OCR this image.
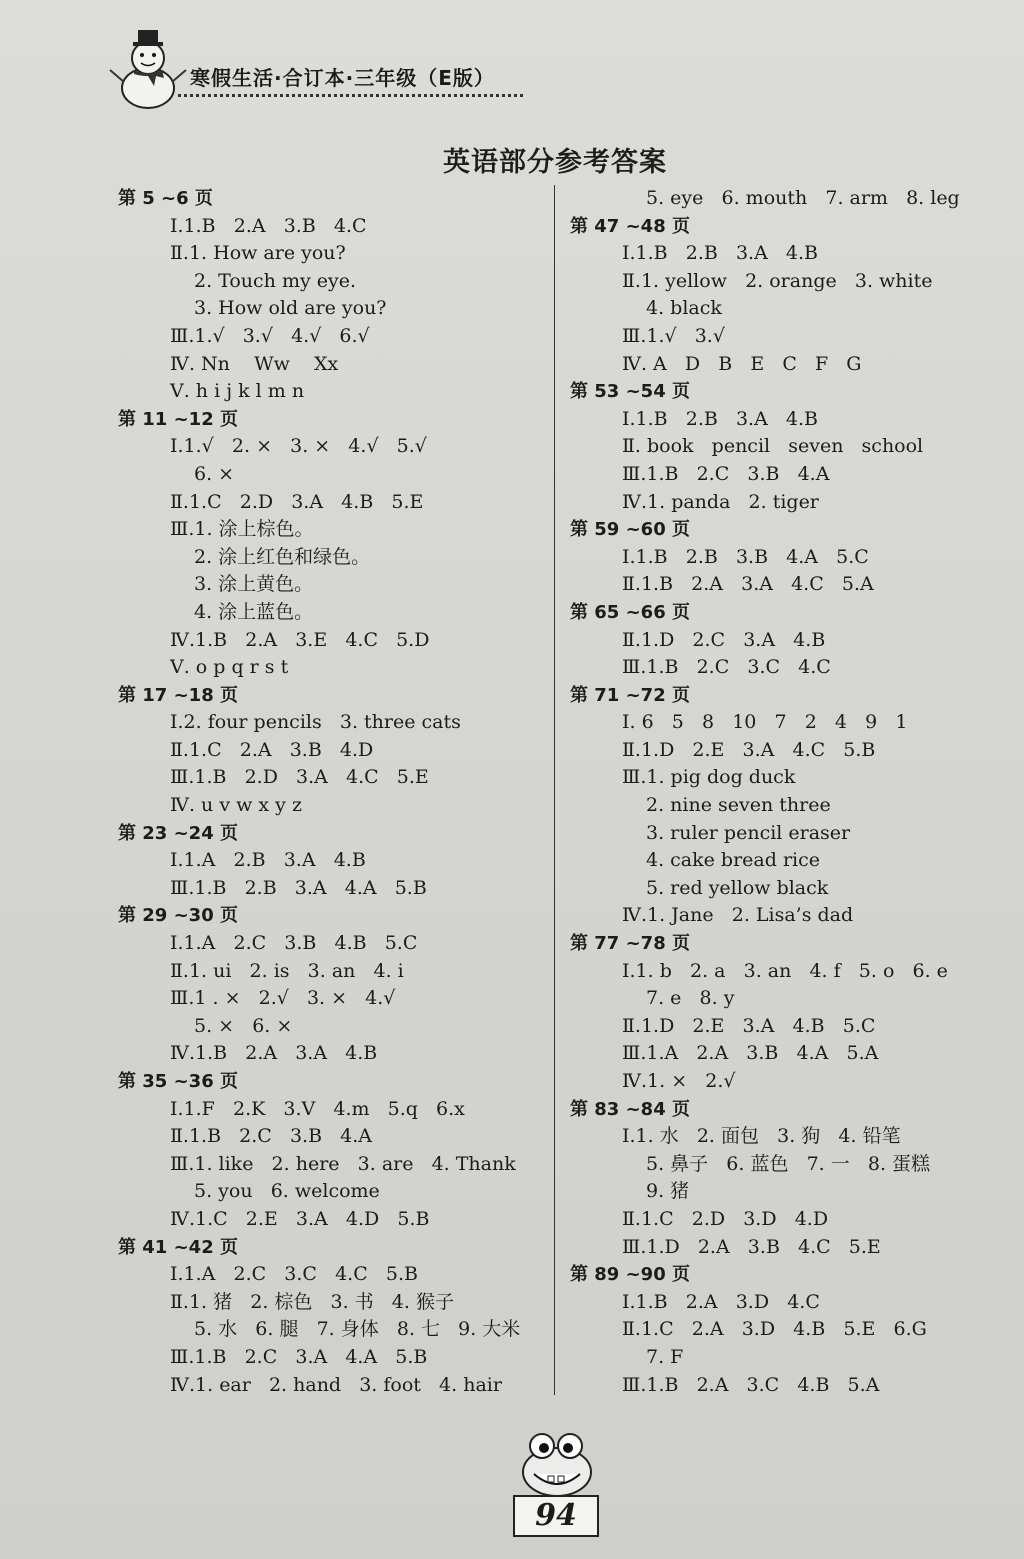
寒假生活·合订本·三年级（E版）
英语部分参考答案
第 5 ~6 页
Ⅰ.1.B   2.A   3.B   4.C
Ⅱ.1. How are you?
2. Touch my eye.
3. How old are you?
Ⅲ.1.√   3.√   4.√   6.√
Ⅳ. Nn    Ww    Xx
Ⅴ. h i j k l m n
第 11 ~12 页
Ⅰ.1.√   2. ×   3. ×   4.√   5.√
6. ×
Ⅱ.1.C   2.D   3.A   4.B   5.E
Ⅲ.1. 涂上棕色。
2. 涂上红色和绿色。
3. 涂上黄色。
4. 涂上蓝色。
Ⅳ.1.B   2.A   3.E   4.C   5.D
Ⅴ. o p q r s t
第 17 ~18 页
Ⅰ.2. four pencils   3. three cats
Ⅱ.1.C   2.A   3.B   4.D
Ⅲ.1.B   2.D   3.A   4.C   5.E
Ⅳ. u v w x y z
第 23 ~24 页
Ⅰ.1.A   2.B   3.A   4.B
Ⅲ.1.B   2.B   3.A   4.A   5.B
第 29 ~30 页
Ⅰ.1.A   2.C   3.B   4.B   5.C
Ⅱ.1. ui   2. is   3. an   4. i
Ⅲ.1 . ×   2.√   3. ×   4.√
5. ×   6. ×
Ⅳ.1.B   2.A   3.A   4.B
第 35 ~36 页
Ⅰ.1.F   2.K   3.V   4.m   5.q   6.x
Ⅱ.1.B   2.C   3.B   4.A
Ⅲ.1. like   2. here   3. are   4. Thank
5. you   6. welcome
Ⅳ.1.C   2.E   3.A   4.D   5.B
第 41 ~42 页
Ⅰ.1.A   2.C   3.C   4.C   5.B
Ⅱ.1. 猪   2. 棕色   3. 书   4. 猴子
5. 水   6. 腿   7. 身体   8. 七   9. 大米
Ⅲ.1.B   2.C   3.A   4.A   5.B
Ⅳ.1. ear   2. hand   3. foot   4. hair
5. eye   6. mouth   7. arm   8. leg
第 47 ~48 页
Ⅰ.1.B   2.B   3.A   4.B
Ⅱ.1. yellow   2. orange   3. white
4. black
Ⅲ.1.√   3.√
Ⅳ. A   D   B   E   C   F   G
第 53 ~54 页
Ⅰ.1.B   2.B   3.A   4.B
Ⅱ. book   pencil   seven   school
Ⅲ.1.B   2.C   3.B   4.A
Ⅳ.1. panda   2. tiger
第 59 ~60 页
Ⅰ.1.B   2.B   3.B   4.A   5.C
Ⅱ.1.B   2.A   3.A   4.C   5.A
第 65 ~66 页
Ⅱ.1.D   2.C   3.A   4.B
Ⅲ.1.B   2.C   3.C   4.C
第 71 ~72 页
Ⅰ. 6   5   8   10   7   2   4   9   1
Ⅱ.1.D   2.E   3.A   4.C   5.B
Ⅲ.1. pig dog duck
2. nine seven three
3. ruler pencil eraser
4. cake bread rice
5. red yellow black
Ⅳ.1. Jane   2. Lisa’s dad
第 77 ~78 页
Ⅰ.1. b   2. a   3. an   4. f   5. o   6. e
7. e   8. y
Ⅱ.1.D   2.E   3.A   4.B   5.C
Ⅲ.1.A   2.A   3.B   4.A   5.A
Ⅳ.1. ×   2.√
第 83 ~84 页
Ⅰ.1. 水   2. 面包   3. 狗   4. 铅笔
5. 鼻子   6. 蓝色   7. 一   8. 蛋糕
9. 猪
Ⅱ.1.C   2.D   3.D   4.D
Ⅲ.1.D   2.A   3.B   4.C   5.E
第 89 ~90 页
Ⅰ.1.B   2.A   3.D   4.C
Ⅱ.1.C   2.A   3.D   4.B   5.E   6.G
7. F
Ⅲ.1.B   2.A   3.C   4.B   5.A
94
